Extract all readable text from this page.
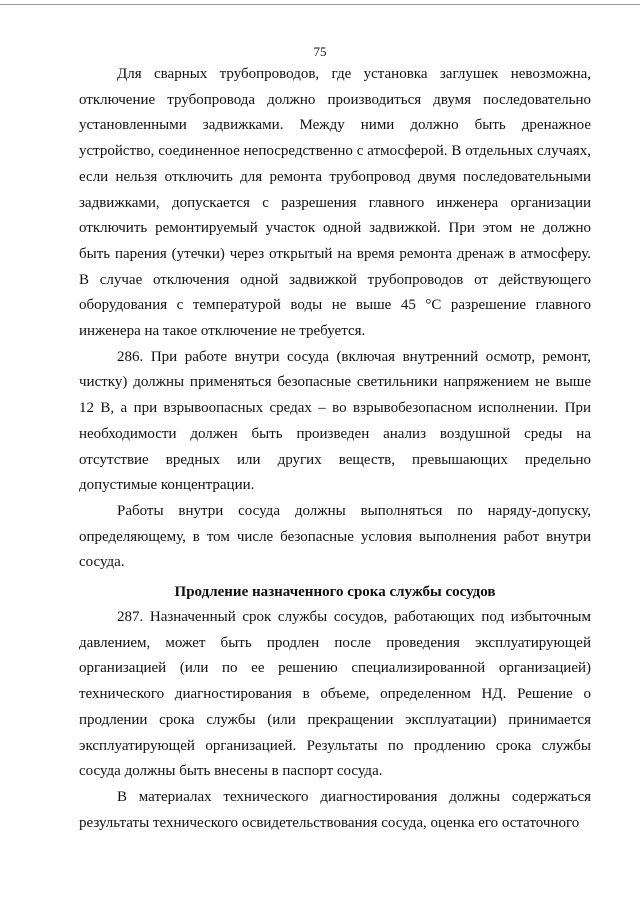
75

Для сварных трубопроводов, где установка заглушек невозможна, отключение трубопровода должно производиться двумя последовательно установленными задвижками. Между ними должно быть дренажное устройство, соединенное непосредственно с атмосферой. В отдельных случаях, если нельзя отключить для ремонта трубопровод двумя последовательными задвижками, допускается с разрешения главного инженера организации отключить ремонтируемый участок одной задвижкой. При этом не должно быть парения (утечки) через открытый на время ремонта дренаж в атмосферу. В случае отключения одной задвижкой трубопроводов от действующего оборудования с температурой воды не выше 45 °С разрешение главного инженера на такое отключение не требуется.

286. При работе внутри сосуда (включая внутренний осмотр, ремонт, чистку) должны применяться безопасные светильники напряжением не выше 12 В, а при взрывоопасных средах – во взрывобезопасном исполнении. При необходимости должен быть произведен анализ воздушной среды на отсутствие вредных или других веществ, превышающих предельно допустимые концентрации.

Работы внутри сосуда должны выполняться по наряду-допуску, определяющему, в том числе безопасные условия выполнения работ внутри сосуда.

Продление назначенного срока службы сосудов

287. Назначенный срок службы сосудов, работающих под избыточным давлением, может быть продлен после проведения эксплуатирующей организацией (или по ее решению специализированной организацией) технического диагностирования в объеме, определенном НД. Решение о продлении срока службы (или прекращении эксплуатации) принимается эксплуатирующей организацией. Результаты по продлению срока службы сосуда должны быть внесены в паспорт сосуда.

В материалах технического диагностирования должны содержаться результаты технического освидетельствования сосуда, оценка его остаточного
